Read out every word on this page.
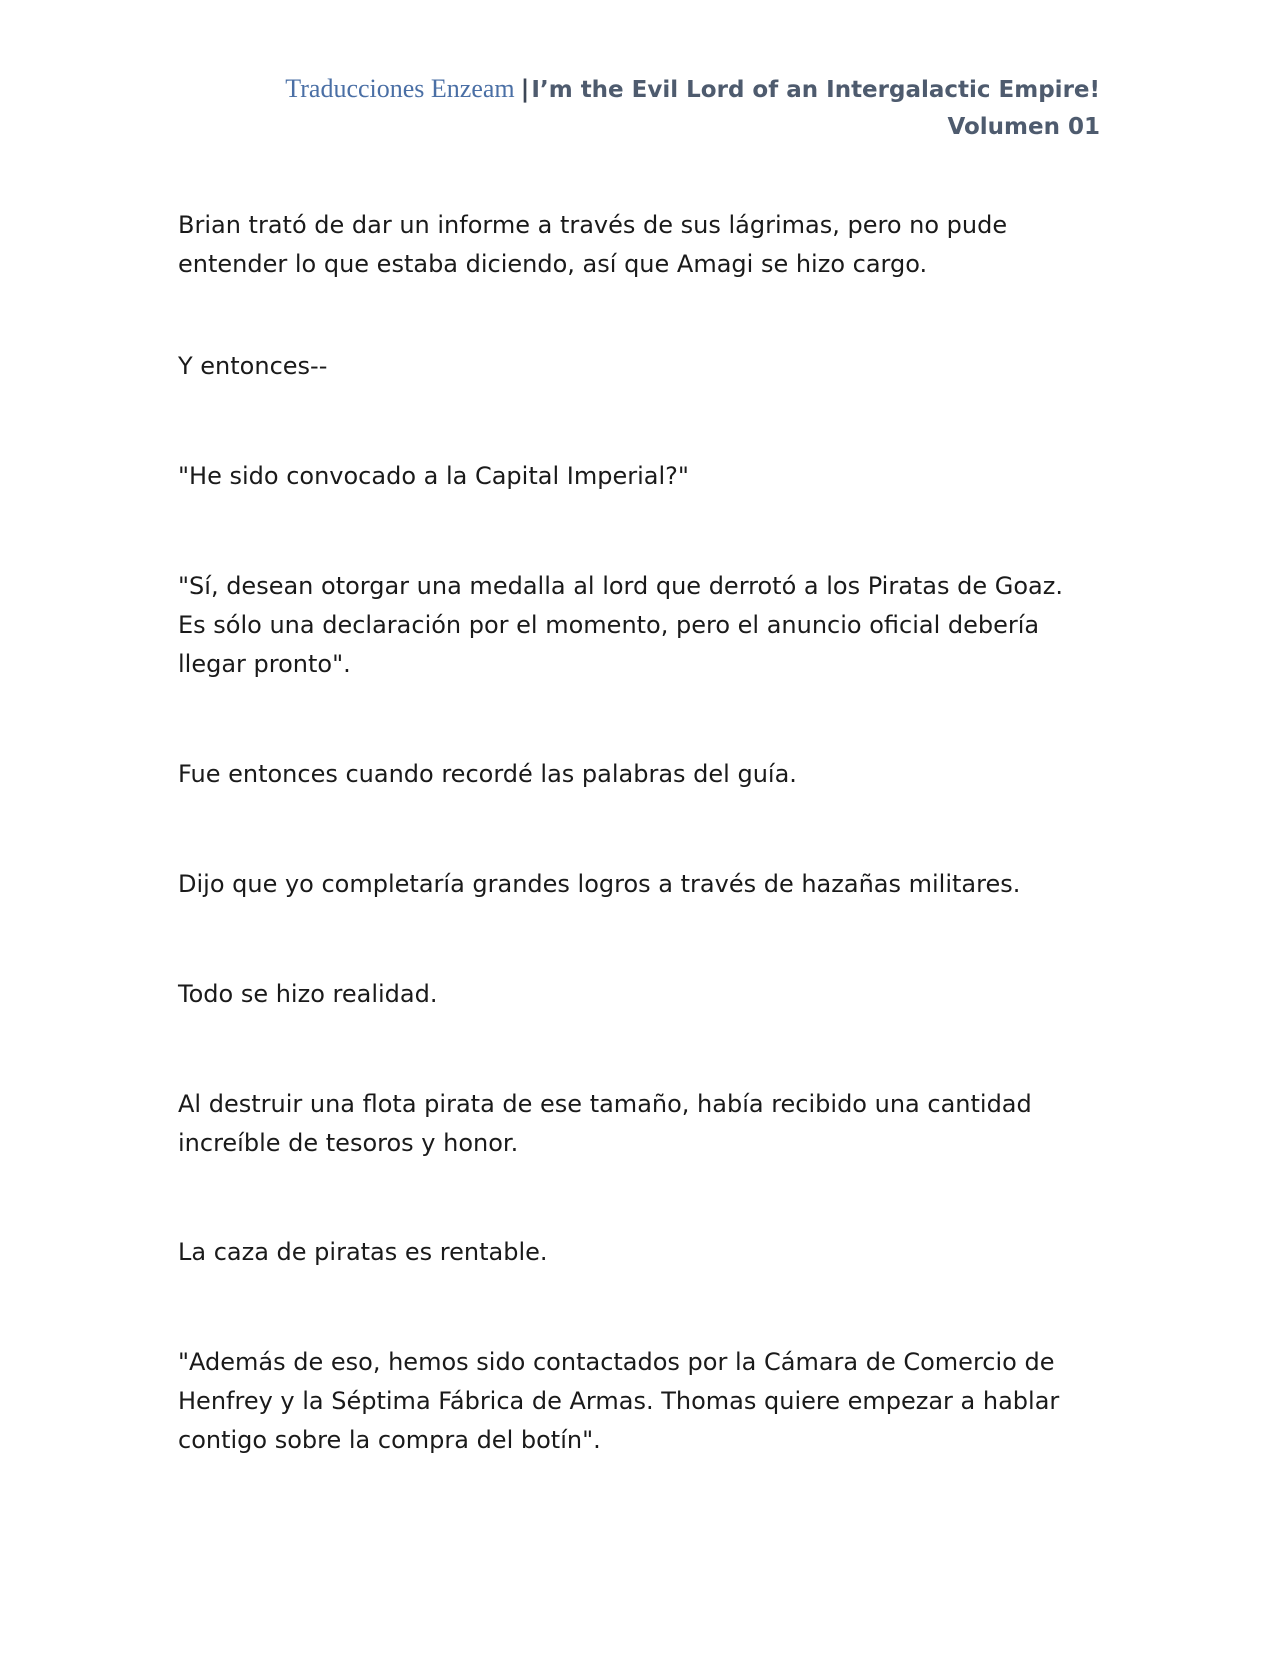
Traducciones Enzeam |I’m the Evil Lord of an Intergalactic Empire!
Volumen 01

Brian trató de dar un informe a través de sus lágrimas, pero no pude entender lo que estaba diciendo, así que Amagi se hizo cargo.

Y entonces--

"He sido convocado a la Capital Imperial?"

"Sí, desean otorgar una medalla al lord que derrotó a los Piratas de Goaz. Es sólo una declaración por el momento, pero el anuncio oficial debería llegar pronto".

Fue entonces cuando recordé las palabras del guía.

Dijo que yo completaría grandes logros a través de hazañas militares.

Todo se hizo realidad.

Al destruir una flota pirata de ese tamaño, había recibido una cantidad increíble de tesoros y honor.

La caza de piratas es rentable.

"Además de eso, hemos sido contactados por la Cámara de Comercio de Henfrey y la Séptima Fábrica de Armas. Thomas quiere empezar a hablar contigo sobre la compra del botín".
